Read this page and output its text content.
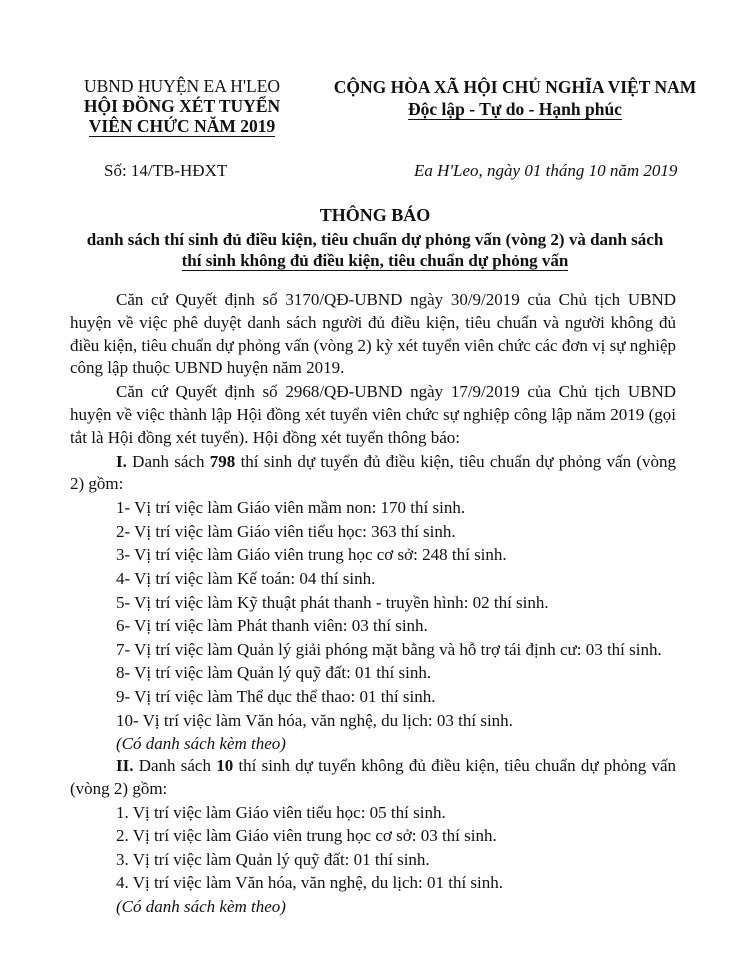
UBND HUYỆN EA H'LEO
HỘI ĐỒNG XÉT TUYỂN
VIÊN CHỨC NĂM 2019
CỘNG HÒA XÃ HỘI CHỦ NGHĨA VIỆT NAM
Độc lập - Tự do - Hạnh phúc
Số: 14/TB-HĐXT	Ea H'Leo, ngày 01 tháng 10 năm 2019
THÔNG BÁO
danh sách thí sinh đủ điều kiện, tiêu chuẩn dự phỏng vấn (vòng 2) và danh sách
thí sinh không đủ điều kiện, tiêu chuẩn dự phỏng vấn

Căn cứ Quyết định số 3170/QĐ-UBND ngày 30/9/2019 của Chủ tịch UBND huyện về việc phê duyệt danh sách người đủ điều kiện, tiêu chuẩn và người không đủ điều kiện, tiêu chuẩn dự phỏng vấn (vòng 2) kỳ xét tuyển viên chức các đơn vị sự nghiệp công lập thuộc UBND huyện năm 2019.

Căn cứ Quyết định số 2968/QĐ-UBND ngày 17/9/2019 của Chủ tịch UBND huyện về việc thành lập Hội đồng xét tuyển viên chức sự nghiệp công lập năm 2019 (gọi tắt là Hội đồng xét tuyển). Hội đồng xét tuyển thông báo:

I. Danh sách 798 thí sinh dự tuyển đủ điều kiện, tiêu chuẩn dự phỏng vấn (vòng 2) gồm:

1- Vị trí việc làm Giáo viên mầm non: 170 thí sinh.
2- Vị trí việc làm Giáo viên tiểu học: 363 thí sinh.
3- Vị trí việc làm Giáo viên trung học cơ sở: 248 thí sinh.
4- Vị trí việc làm Kế toán: 04 thí sinh.
5- Vị trí việc làm Kỹ thuật phát thanh - truyền hình: 02 thí sinh.
6- Vị trí việc làm Phát thanh viên: 03 thí sinh.
7- Vị trí việc làm Quản lý giải phóng mặt bằng và hỗ trợ tái định cư: 03 thí sinh.
8- Vị trí việc làm Quản lý quỹ đất: 01 thí sinh.
9- Vị trí việc làm Thể dục thể thao: 01 thí sinh.
10- Vị trí việc làm Văn hóa, văn nghệ, du lịch: 03 thí sinh.
(Có danh sách kèm theo)

II. Danh sách 10 thí sinh dự tuyển không đủ điều kiện, tiêu chuẩn dự phỏng vấn (vòng 2) gồm:

1. Vị trí việc làm Giáo viên tiểu học: 05 thí sinh.
2. Vị trí việc làm Giáo viên trung học cơ sở: 03 thí sinh.
3. Vị trí việc làm Quản lý quỹ đất: 01 thí sinh.
4. Vị trí việc làm Văn hóa, văn nghệ, du lịch: 01 thí sinh.
(Có danh sách kèm theo)
